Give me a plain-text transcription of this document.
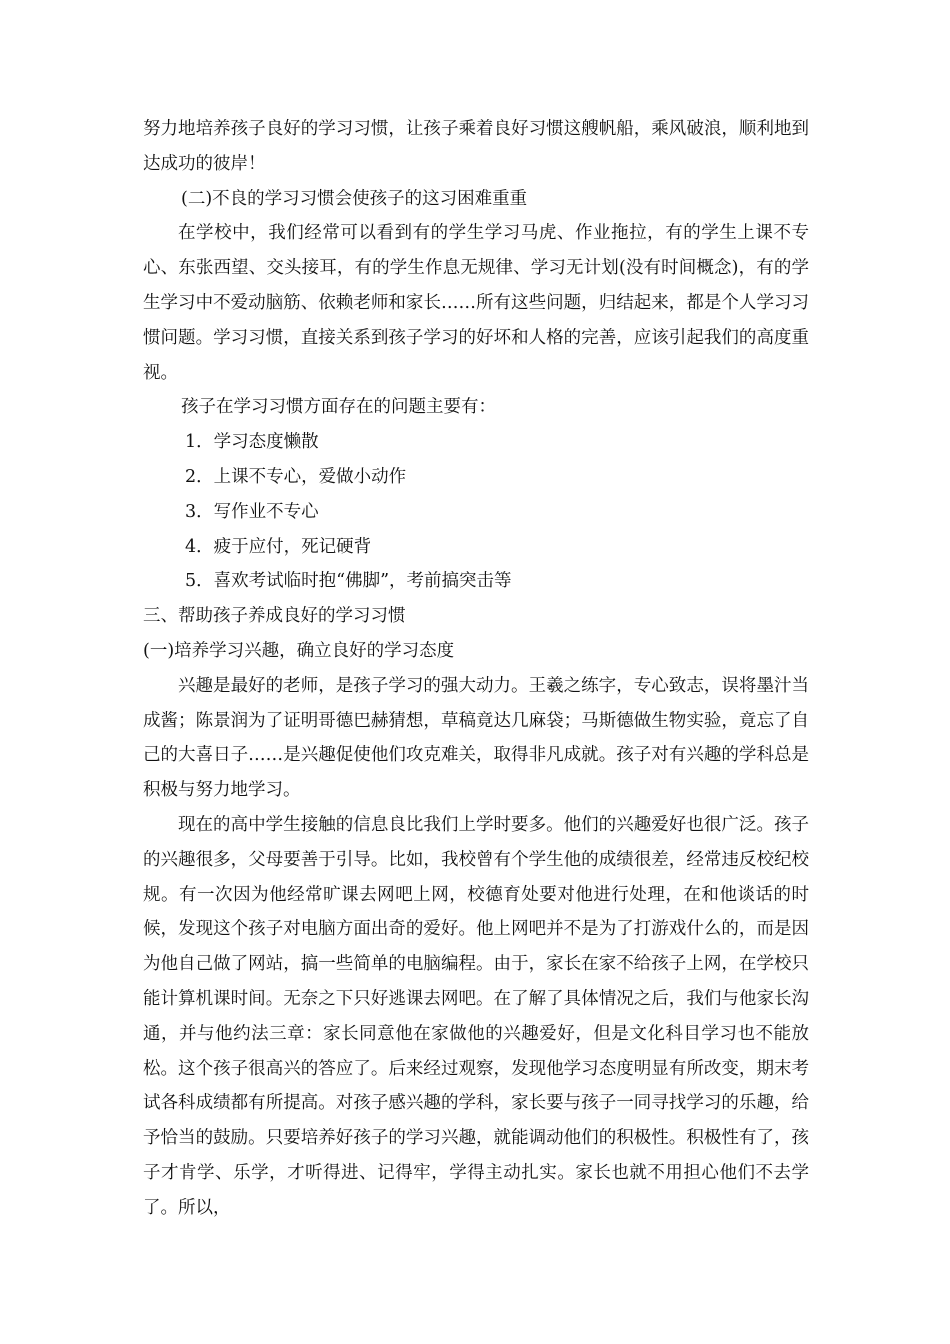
努力地培养孩子良好的学习习惯，让孩子乘着良好习惯这艘帆船，乘风破浪，顺利地到达成功的彼岸！

(二)不良的学习习惯会使孩子的这习困难重重

在学校中，我们经常可以看到有的学生学习马虎、作业拖拉，有的学生上课不专心、东张西望、交头接耳，有的学生作息无规律、学习无计划(没有时间概念)，有的学生学习中不爱动脑筋、依赖老师和家长……所有这些问题，归结起来，都是个人学习习惯问题。学习习惯，直接关系到孩子学习的好坏和人格的完善，应该引起我们的高度重视。

孩子在学习习惯方面存在的问题主要有：

1．学习态度懒散

2．上课不专心，爱做小动作

3．写作业不专心

4．疲于应付，死记硬背

5．喜欢考试临时抱“佛脚”，考前搞突击等

三、帮助孩子养成良好的学习习惯

(一)培养学习兴趣，确立良好的学习态度

兴趣是最好的老师，是孩子学习的强大动力。王羲之练字，专心致志，误将墨汁当成酱；陈景润为了证明哥德巴赫猜想，草稿竟达几麻袋；马斯德做生物实验，竟忘了自己的大喜日子……是兴趣促使他们攻克难关，取得非凡成就。孩子对有兴趣的学科总是积极与努力地学习。

现在的高中学生接触的信息良比我们上学时要多。他们的兴趣爱好也很广泛。孩子的兴趣很多，父母要善于引导。比如，我校曾有个学生他的成绩很差，经常违反校纪校规。有一次因为他经常旷课去网吧上网，校德育处要对他进行处理，在和他谈话的时候，发现这个孩子对电脑方面出奇的爱好。他上网吧并不是为了打游戏什么的，而是因为他自己做了网站，搞一些简单的电脑编程。由于，家长在家不给孩子上网，在学校只能计算机课时间。无奈之下只好逃课去网吧。在了解了具体情况之后，我们与他家长沟通，并与他约法三章：家长同意他在家做他的兴趣爱好，但是文化科目学习也不能放松。这个孩子很高兴的答应了。后来经过观察，发现他学习态度明显有所改变，期末考试各科成绩都有所提高。对孩子感兴趣的学科，家长要与孩子一同寻找学习的乐趣，给予恰当的鼓励。只要培养好孩子的学习兴趣，就能调动他们的积极性。积极性有了，孩子才肯学、乐学，才听得进、记得牢，学得主动扎实。家长也就不用担心他们不去学了。所以，
